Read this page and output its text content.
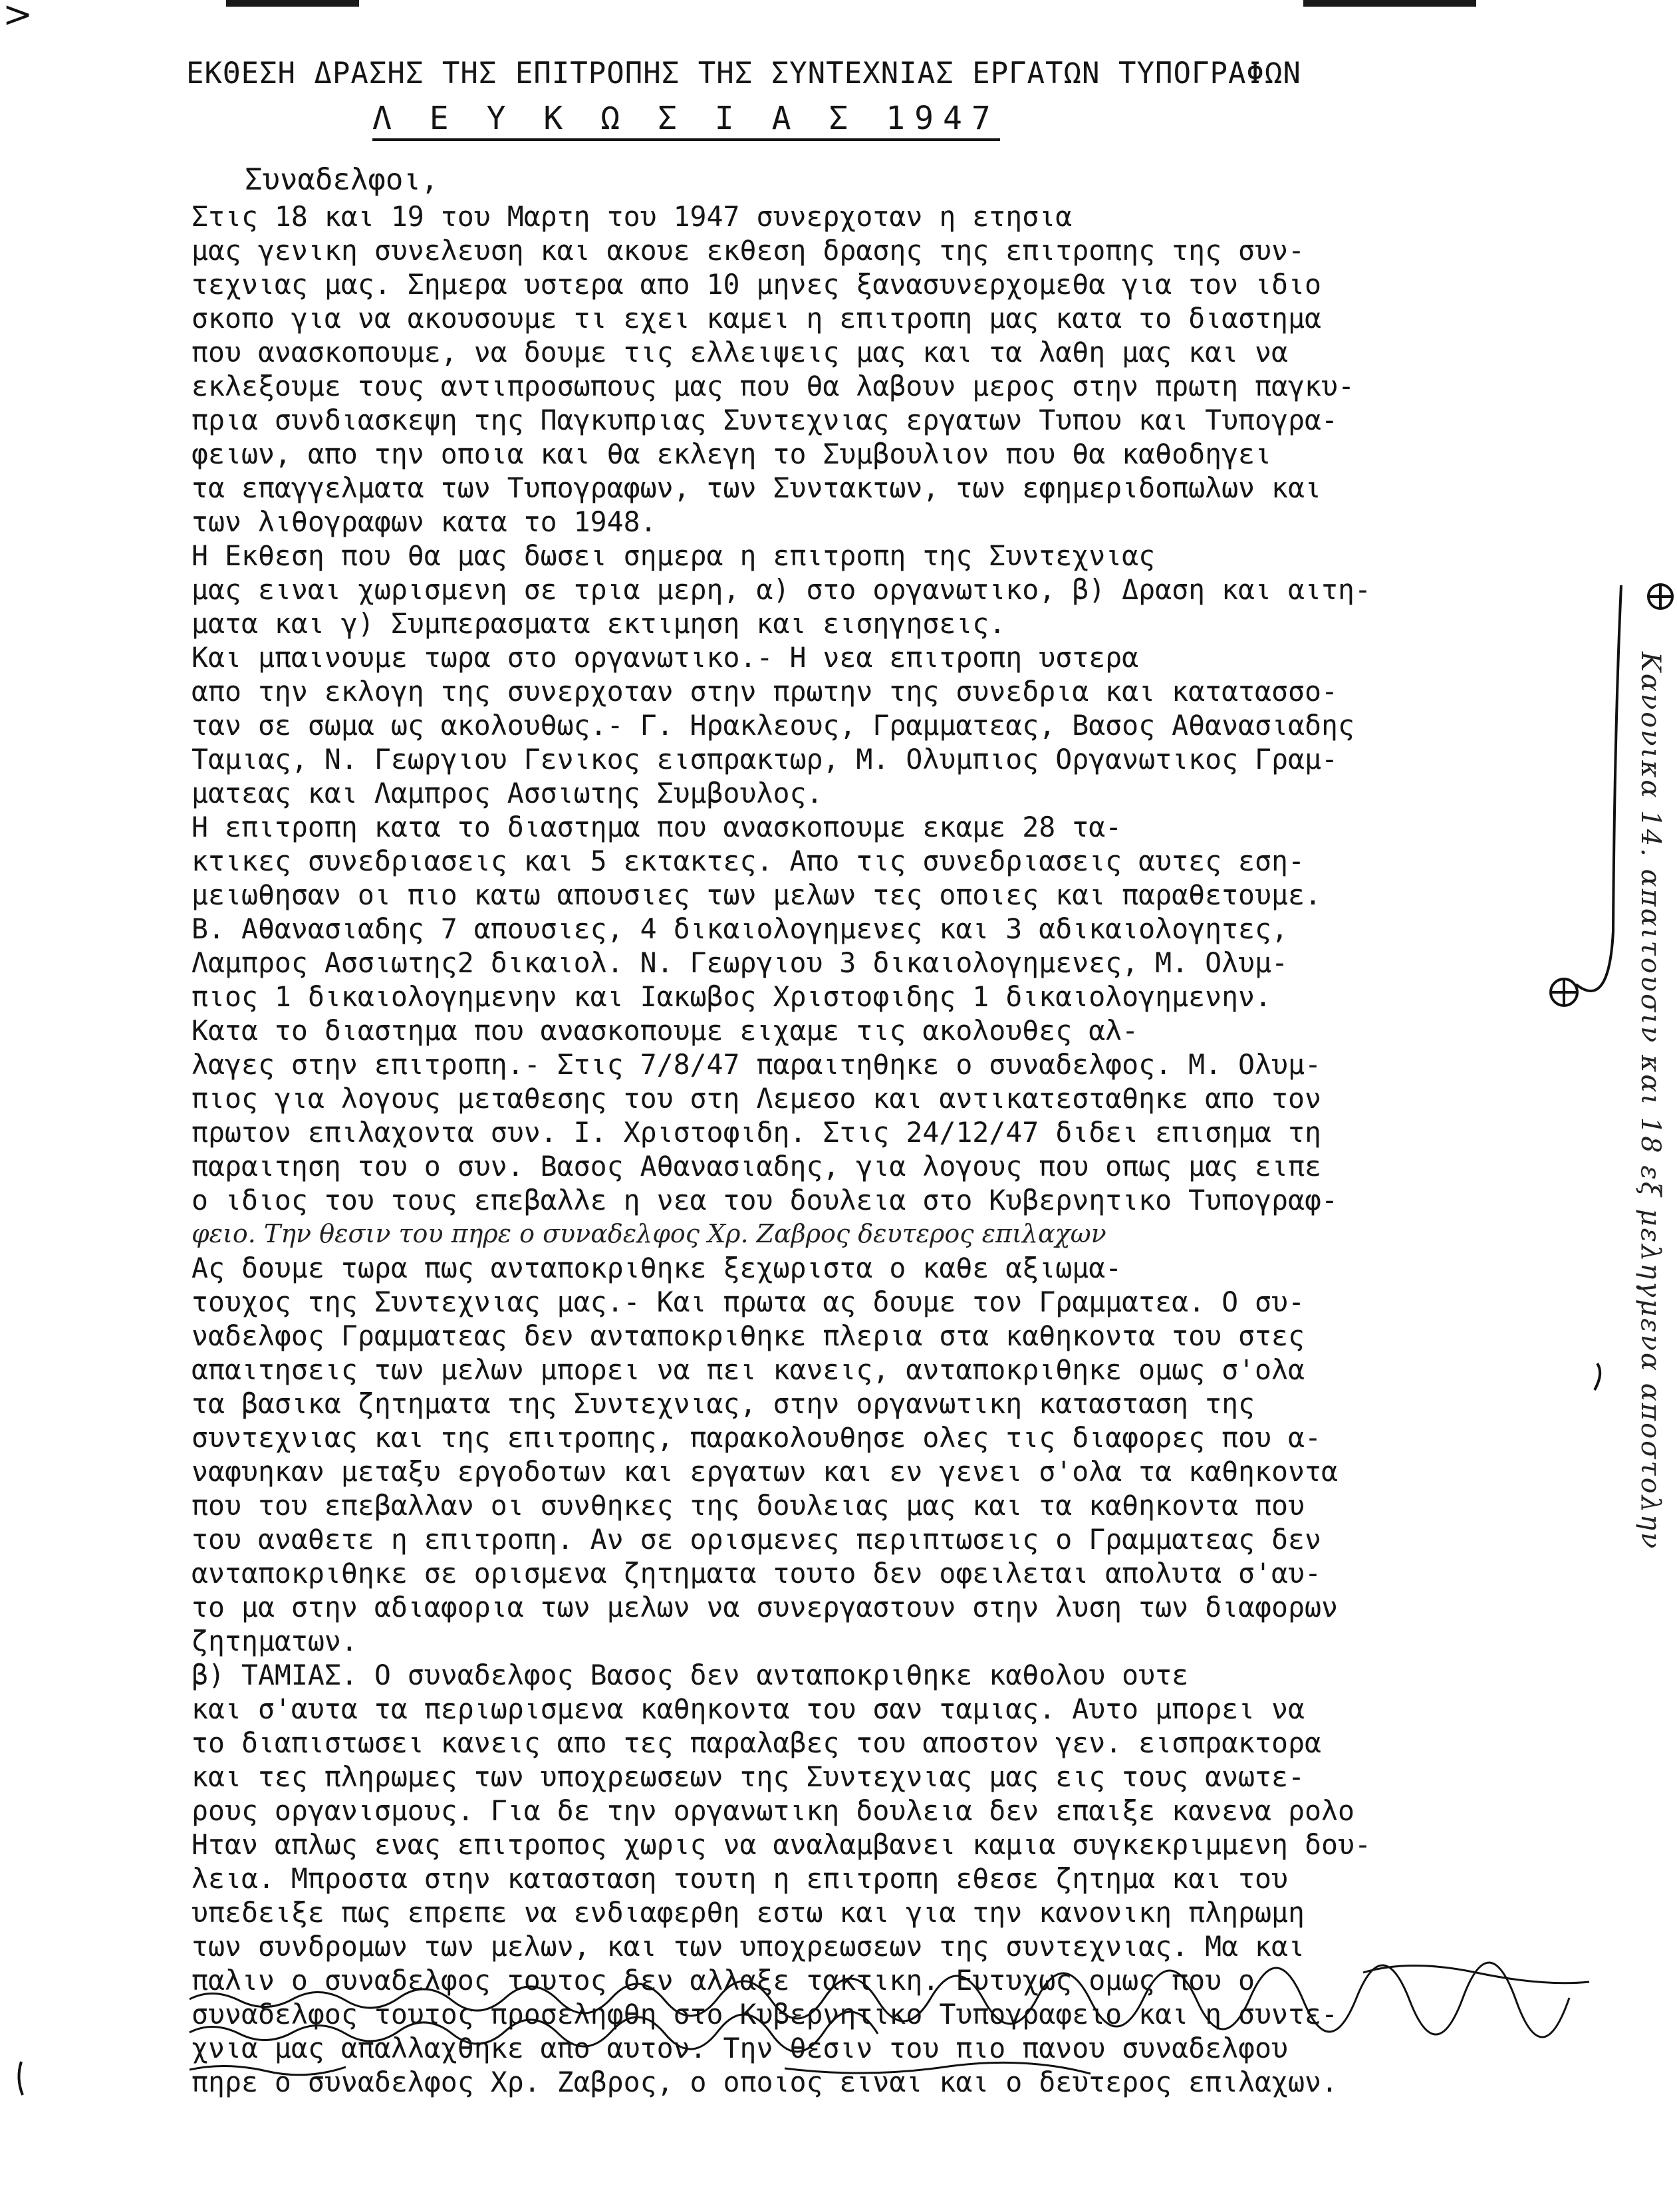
>
ΕΚΘΕΣΗ ΔΡΑΣΗΣ ΤΗΣ ΕΠΙΤΡΟΠΗΣ ΤΗΣ ΣΥΝΤΕΧΝΙΑΣ ΕΡΓΑΤΩΝ ΤΥΠΟΓΡΑΦΩΝ
Λ Ε Υ Κ Ω Σ Ι Α Σ 1947
Συναδελφοι,
Στις 18 και 19 του Μαρτη του 1947 συνερχοταν η ετησια
μας γενικη συνελευση και ακουε εκθεση δρασης της επιτροπης της συν-
τεχνιας μας. Σημερα υστερα απο 10 μηνες ξανασυνερχομεθα για τον ιδιο
σκοπο για να ακουσουμε τι εχει καμει η επιτροπη μας κατα το διαστημα
που ανασκοπουμε, να δουμε τις ελλειψεις μας και τα λαθη μας και να
εκλεξουμε τους αντιπροσωπους μας που θα λαβουν μερος στην πρωτη παγκυ-
πρια συνδιασκεψη της Παγκυπριας Συντεχνιας εργατων Τυπου και Τυπογρα-
φειων, απο την οποια και θα εκλεγη το Συμβουλιον που θα καθοδηγει
τα επαγγελματα των Τυπογραφων, των Συντακτων, των εφημεριδοπωλων και
των λιθογραφων κατα το 1948.
Η Εκθεση που θα μας δωσει σημερα η επιτροπη της Συντεχνιας
μας ειναι χωρισμενη σε τρια μερη, α) στο οργανωτικο, β) Δραση και αιτη-
ματα και γ) Συμπερασματα εκτιμηση και εισηγησεις.
Και μπαινουμε τωρα στο οργανωτικο.- Η νεα επιτροπη υστερα
απο την εκλογη της συνερχοταν στην πρωτην της συνεδρια και κατατασσο-
ταν σε σωμα ως ακολουθως.- Γ. Ηρακλεους, Γραμματεας, Βασος Αθανασιαδης
Ταμιας, Ν. Γεωργιου Γενικος εισπρακτωρ, Μ. Ολυμπιος Οργανωτικος Γραμ-
ματεας και Λαμπρος Ασσιωτης Συμβουλος.
Η επιτροπη κατα το διαστημα που ανασκοπουμε εκαμε 28 τα-
κτικες συνεδριασεις και 5 εκτακτες. Απο τις συνεδριασεις αυτες εση-
μειωθησαν οι πιο κατω απουσιες των μελων τες οποιες και παραθετουμε.
Β. Αθανασιαδης 7 απουσιες, 4 δικαιολογημενες και 3 αδικαιολογητες,
Λαμπρος Ασσιωτης2 δικαιολ. Ν. Γεωργιου 3 δικαιολογημενες, Μ. Ολυμ-
πιος 1 δικαιολογημενην και Ιακωβος Χριστοφιδης 1 δικαιολογημενην.
Κατα το διαστημα που ανασκοπουμε ειχαμε τις ακολουθες αλ-
λαγες στην επιτροπη.- Στις 7/8/47 παραιτηθηκε ο συναδελφος. Μ. Ολυμ-
πιος για λογους μεταθεσης του στη Λεμεσο και αντικατεσταθηκε απο τον
πρωτον επιλαχοντα συν. Ι. Χριστοφιδη. Στις 24/12/47 διδει επισημα τη
παραιτηση του ο συν. Βασος Αθανασιαδης, για λογους που οπως μας ειπε
ο ιδιος του τους επεβαλλε η νεα του δουλεια στο Κυβερνητικο Τυπογραφ-
φειο. Την θεσιν του πηρε ο συναδελφος Χρ. Ζαβρος δευτερος επιλαχων
Ας δουμε τωρα πως ανταποκριθηκε ξεχωριστα ο καθε αξιωμα-
τουχος της Συντεχνιας μας.- Και πρωτα ας δουμε τον Γραμματεα. Ο συ-
ναδελφος Γραμματεας δεν ανταποκριθηκε πλερια στα καθηκοντα του στες
απαιτησεις των μελων μπορει να πει κανεις, ανταποκριθηκε ομως σ'ολα
τα βασικα ζητηματα της Συντεχνιας, στην οργανωτικη κατασταση της
συντεχνιας και της επιτροπης, παρακολουθησε ολες τις διαφορες που α-
ναφυηκαν μεταξυ εργοδοτων και εργατων και εν γενει σ'ολα τα καθηκοντα
που του επεβαλλαν οι συνθηκες της δουλειας μας και τα καθηκοντα που
του αναθετε η επιτροπη. Αν σε ορισμενες περιπτωσεις ο Γραμματεας δεν
ανταποκριθηκε σε ορισμενα ζητηματα τουτο δεν οφειλεται απολυτα σ'αυ-
το μα στην αδιαφορια των μελων να συνεργαστουν στην λυση των διαφορων
ζητηματων.
β) ΤΑΜΙΑΣ. Ο συναδελφος Βασος δεν ανταποκριθηκε καθολου ουτε
και σ'αυτα τα περιωρισμενα καθηκοντα του σαν ταμιας. Αυτο μπορει να
το διαπιστωσει κανεις απο τες παραλαβες του αποστον γεν. εισπρακτορα
και τες πληρωμες των υποχρεωσεων της Συντεχνιας μας εις τους ανωτε-
ρους οργανισμους. Για δε την οργανωτικη δουλεια δεν επαιξε κανενα ρολο
Ηταν απλως ενας επιτροπος χωρις να αναλαμβανει καμια συγκεκριμμενη δου-
λεια. Μπροστα στην κατασταση τουτη η επιτροπη εθεσε ζητημα και του
υπεδειξε πως επρεπε να ενδιαφερθη εστω και για την κανονικη πληρωμη
των συνδρομων των μελων, και των υποχρεωσεων της συντεχνιας. Μα και
παλιν ο συναδελφος τουτος δεν αλλαξε τακτικη. Ευτυχως ομως που ο
συναδελφος τουτος προσεληφθη στο Κυβερνητικο Τυπογραφειο και η συντε-
χνια μας απαλλαχθηκε απο αυτον. Την θεσιν του πιο πανου συναδελφου
πηρε ο συναδελφος Χρ. Ζαβρος, ο οποιος ειναι και ο δευτερος επιλαχων.
Κανονικα 14. απαιτουσιν και 18 εξ μεληγμενα αποστολην
